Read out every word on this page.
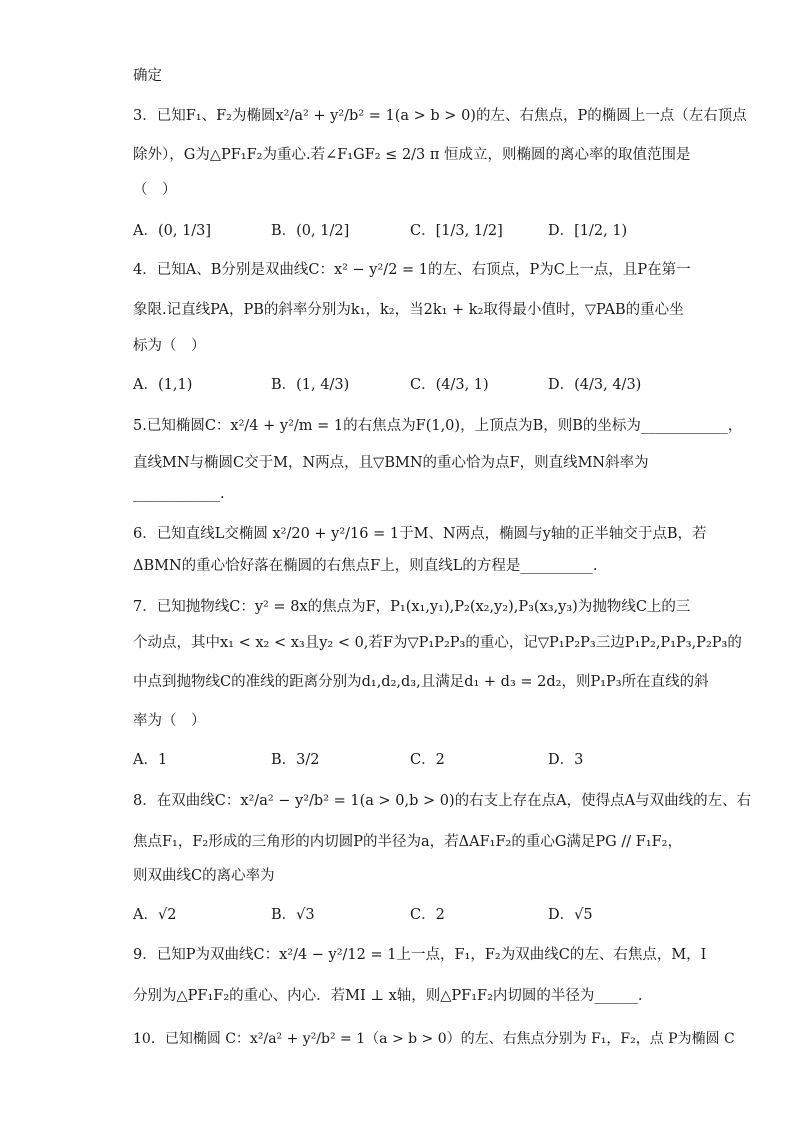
确定
3．已知F₁、F₂为椭圆x²/a² + y²/b² = 1(a > b > 0)的左、右焦点，P的椭圆上一点（左右顶点
除外），G为△PF₁F₂为重心.若∠F₁GF₂ ≤ 2/3 π 恒成立，则椭圆的离心率的取值范围是
（　）
A．(0, 1/3]	B．(0, 1/2]	C．[1/3, 1/2]	D．[1/2, 1)
4．已知A、B分别是双曲线C：x² − y²/2 = 1的左、右顶点，P为C上一点，且P在第一
象限.记直线PA，PB的斜率分别为k₁，k₂，当2k₁ + k₂取得最小值时，▽PAB的重心坐
标为（　）
A．(1,1)	B．(1, 4/3)	C．(4/3, 1)	D．(4/3, 4/3)
5.已知椭圆C：x²/4 + y²/m = 1的右焦点为F(1,0)，上顶点为B，则B的坐标为____________，
直线MN与椭圆C交于M，N两点，且▽BMN的重心恰为点F，则直线MN斜率为
____________.
6．已知直线L交椭圆 x²/20 + y²/16 = 1于M、N两点，椭圆与y轴的正半轴交于点B，若
ΔBMN的重心恰好落在椭圆的右焦点F上，则直线L的方程是__________.
7．已知抛物线C：y² = 8x的焦点为F，P₁(x₁,y₁),P₂(x₂,y₂),P₃(x₃,y₃)为抛物线C上的三
个动点，其中x₁ < x₂ < x₃且y₂ < 0,若F为▽P₁P₂P₃的重心，记▽P₁P₂P₃三边P₁P₂,P₁P₃,P₂P₃的
中点到抛物线C的准线的距离分别为d₁,d₂,d₃,且满足d₁ + d₃ = 2d₂，则P₁P₃所在直线的斜
率为（　）
A．1	B．3/2	C．2	D．3
8．在双曲线C：x²/a² − y²/b² = 1(a > 0,b > 0)的右支上存在点A，使得点A与双曲线的左、右
焦点F₁，F₂形成的三角形的内切圆P的半径为a，若ΔAF₁F₂的重心G满足PG // F₁F₂，
则双曲线C的离心率为
A．√2	B．√3	C．2	D．√5
9．已知P为双曲线C：x²/4 − y²/12 = 1上一点，F₁，F₂为双曲线C的左、右焦点，M，I
分别为△PF₁F₂的重心、内心．若MI ⊥ x轴，则△PF₁F₂内切圆的半径为______.
10．已知椭圆 C：x²/a² + y²/b² = 1（a > b > 0）的左、右焦点分别为 F₁，F₂，点 P为椭圆 C
